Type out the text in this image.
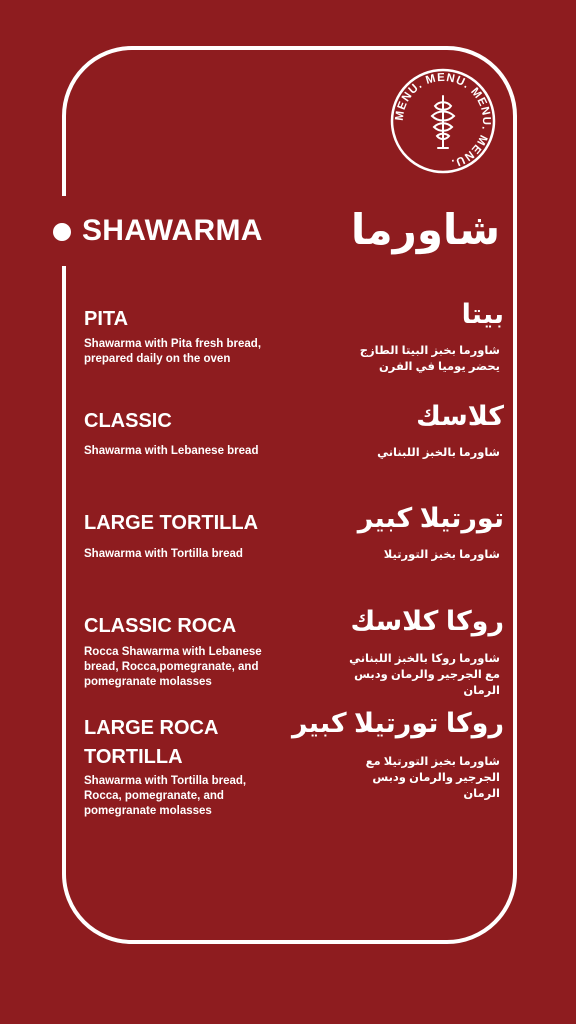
MENU. MENU. MENU. MENU.
SHAWARMA شاورما
PITA
Shawarma with Pita fresh bread, prepared daily on the oven
بيتا
شاورما بخبز البيتا الطازج يحضر يوميا في الفرن
CLASSIC
Shawarma with Lebanese bread
كلاسك
شاورما بالخبز اللبناني
LARGE TORTILLA
Shawarma with Tortilla bread
تورتيلا كبير
شاورما بخبز التورتيلا
CLASSIC ROCA
Rocca Shawarma with Lebanese bread, Rocca,pomegranate, and pomegranate molasses
روكا كلاسك
شاورما روكا بالخبز اللبناني مع الجرجير والرمان ودبس الرمان
LARGE ROCA TORTILLA
Shawarma with Tortilla bread, Rocca, pomegranate, and pomegranate molasses
روكا تورتيلا كبير
شاورما بخبز التورتيلا مع الجرجير والرمان ودبس الرمان
